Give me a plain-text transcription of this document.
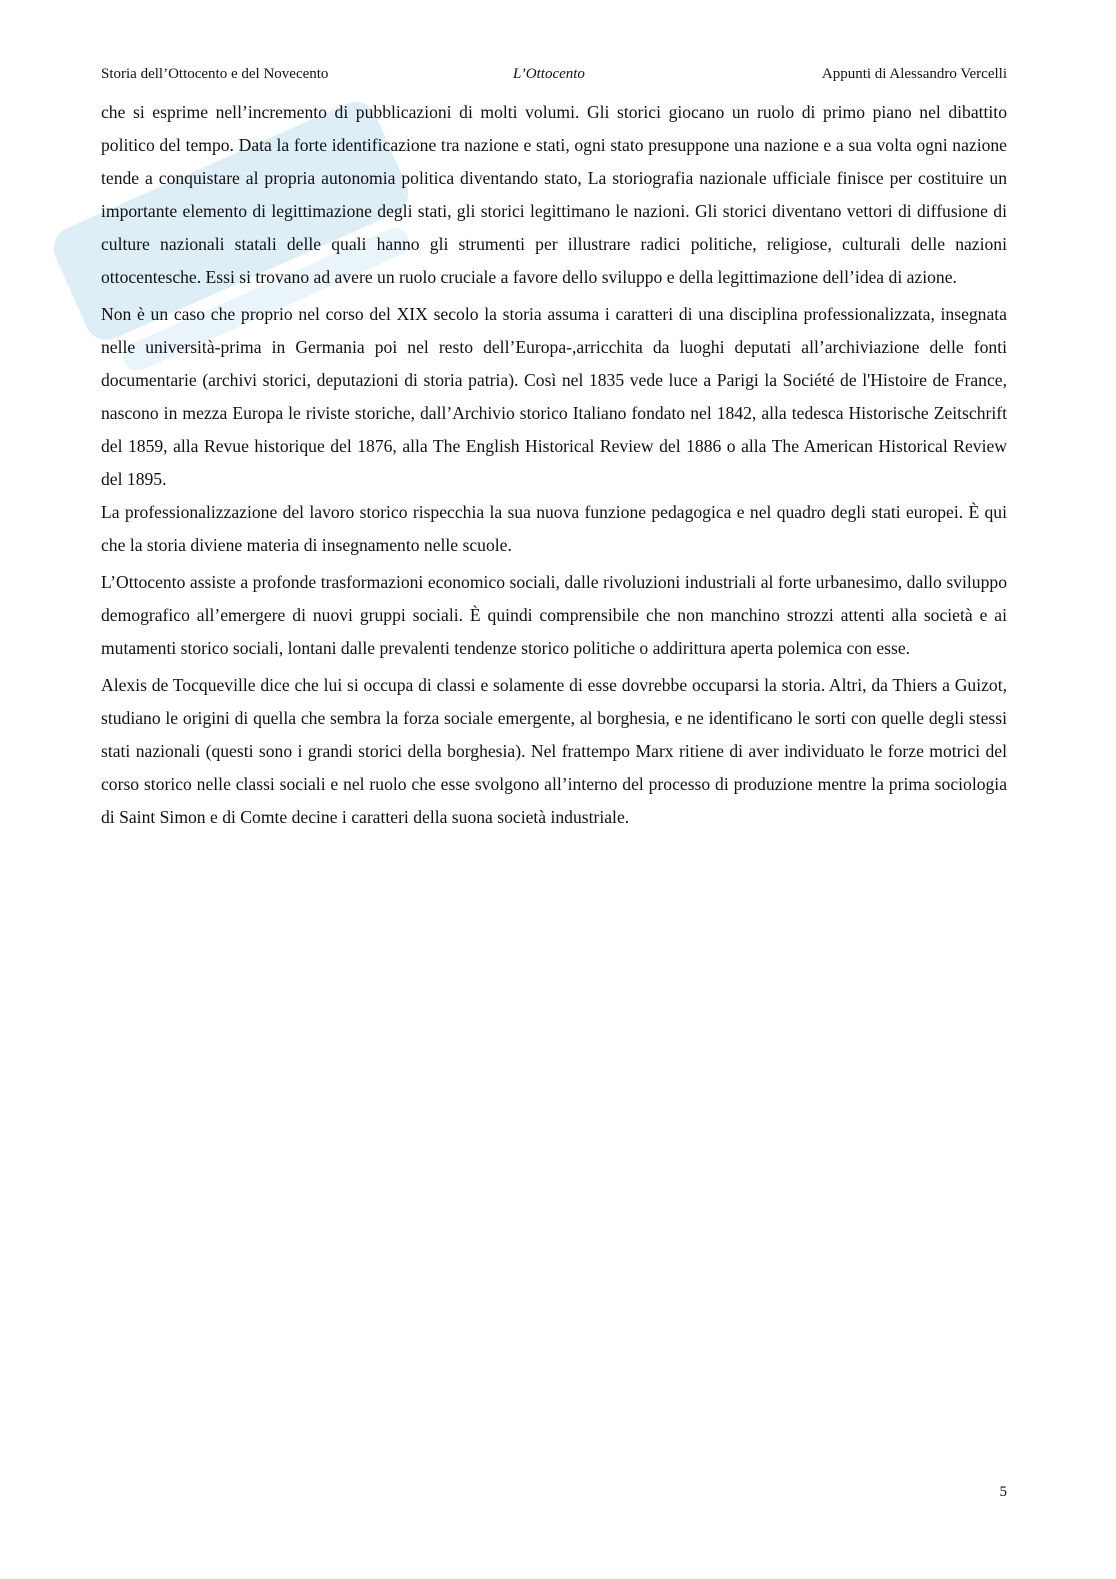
Storia dell’Ottocento e del Novecento	L’Ottocento	Appunti di Alessandro Vercelli

che si esprime nell’incremento di pubblicazioni di molti volumi. Gli storici giocano un ruolo di primo piano nel dibattito politico del tempo. Data la forte identificazione tra nazione e stati, ogni stato presuppone una nazione e a sua volta ogni nazione tende a conquistare al propria autonomia politica diventando stato, La storiografia nazionale ufficiale finisce per costituire un importante elemento di legittimazione degli stati, gli storici legittimano le nazioni. Gli storici diventano vettori di diffusione di culture nazionali statali delle quali hanno gli strumenti per illustrare radici politiche, religiose, culturali delle nazioni ottocentesche. Essi si trovano ad avere un ruolo cruciale a favore dello sviluppo e della legittimazione dell’idea di azione.

Non è un caso che proprio nel corso del XIX secolo la storia assuma i caratteri di una disciplina professionalizzata, insegnata nelle università-prima in Germania poi nel resto dell’Europa-,arricchita da luoghi deputati all’archiviazione delle fonti documentarie (archivi storici, deputazioni di storia patria). Così nel 1835 vede luce a Parigi la Société de l'Histoire de France, nascono in mezza Europa le riviste storiche, dall’Archivio storico Italiano fondato nel 1842, alla tedesca Historische Zeitschrift del 1859, alla Revue historique del 1876, alla The English Historical Review del 1886 o alla The American Historical Review del 1895.

La professionalizzazione del lavoro storico rispecchia la sua nuova funzione pedagogica e nel quadro degli stati europei. È qui che la storia diviene materia di insegnamento nelle scuole.

L’Ottocento assiste a profonde trasformazioni economico sociali, dalle rivoluzioni industriali al forte urbanesimo, dallo sviluppo demografico all’emergere di nuovi gruppi sociali. È quindi comprensibile che non manchino strozzi attenti alla società e ai mutamenti storico sociali, lontani dalle prevalenti tendenze storico politiche o addirittura aperta polemica con esse.

Alexis de Tocqueville dice che lui si occupa di classi e solamente di esse dovrebbe occuparsi la storia. Altri, da Thiers a Guizot, studiano le origini di quella che sembra la forza sociale emergente, al borghesia, e ne identificano le sorti con quelle degli stessi stati nazionali (questi sono i grandi storici della borghesia). Nel frattempo Marx ritiene di aver individuato le forze motrici del corso storico nelle classi sociali e nel ruolo che esse svolgono all’interno del processo di produzione mentre la prima sociologia di Saint Simon e di Comte decine i caratteri della suona società industriale.

5
